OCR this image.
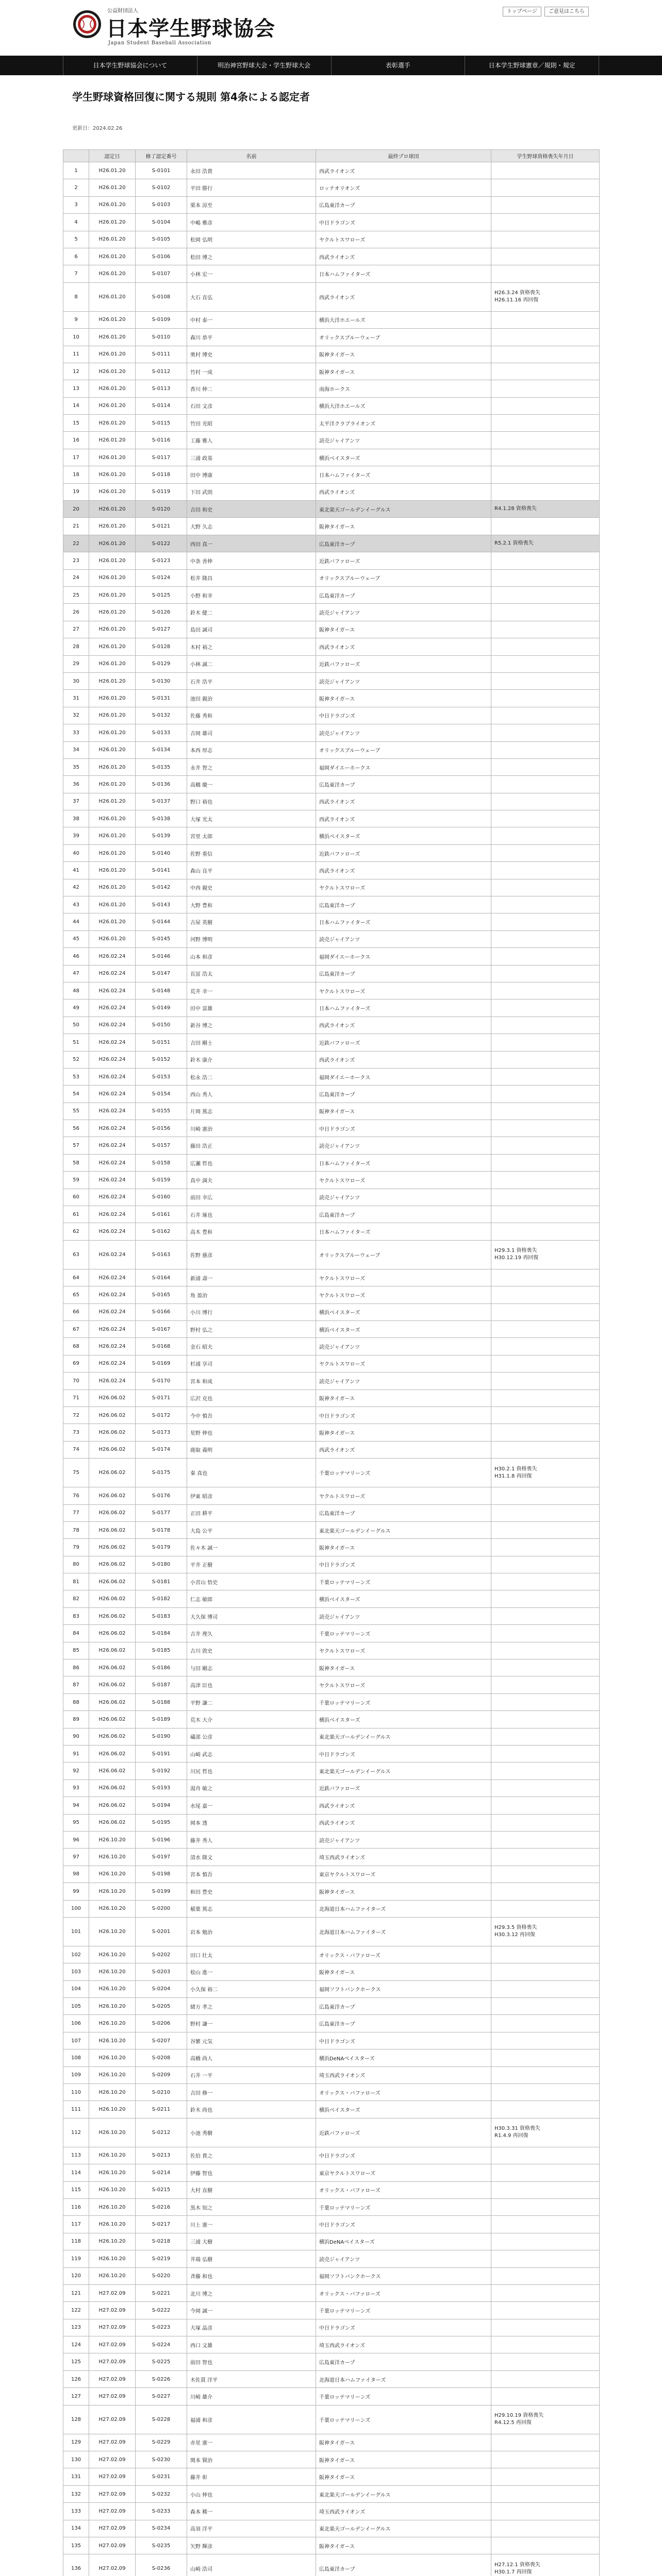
公益財団法人
日本学生野球協会
Japan Student Baseball Association
トップページ	ご意見はこちら
日本学生野球協会について	明治神宮野球大会・学生野球大会	表彰選手	日本学生野球憲章／規則・規定
学生野球資格回復に関する規則 第4条による認定者
更新日：2024.02.26
	認定日	修了認定番号	名前	最終プロ球団	学生野球資格喪失年月日
1	H26.01.20	S-0101	永田 浩貴	西武ライオンズ	
2	H26.01.20	S-0102	平田 勝行	ロッテオリオンズ	
3	H26.01.20	S-0103	栗本 涼至	広島東洋カープ	
4	H26.01.20	S-0104	中嶋 雅彦	中日ドラゴンズ	
5	H26.01.20	S-0105	松岡 弘明	ヤクルトスワローズ	
6	H26.01.20	S-0106	松田 博之	西武ライオンズ	
7	H26.01.20	S-0107	小林 宏一	日本ハムファイターズ	
8	H26.01.20	S-0108	大石 直弘	西武ライオンズ	H26.3.24 資格喪失
H26.11.16 再回復

9	H26.01.20	S-0109	中村 泰一	横浜大洋ホエールズ	
10	H26.01.20	S-0110	森川 恭平	オリックスブルーウェーブ	
11	H26.01.20	S-0111	奥村 博史	阪神タイガース	
12	H26.01.20	S-0112	竹村 一成	阪神タイガース	
13	H26.01.20	S-0113	香川 伸二	南海ホークス	
14	H26.01.20	S-0114	石田 文彦	横浜大洋ホエールズ	
15	H26.01.20	S-0115	竹田 光昭	太平洋クラブライオンズ	
16	H26.01.20	S-0116	工藤 雅人	読売ジャイアンツ	
17	H26.01.20	S-0117	三浦 政基	横浜ベイスターズ	
18	H26.01.20	S-0118	田中 博康	日本ハムファイターズ	
19	H26.01.20	S-0119	下田 武則	西武ライオンズ	
20	H26.01.20	S-0120	吉田 和史	東北楽天ゴールデンイーグルス	R4.1.28 資格喪失

21	H26.01.20	S-0121	大野 久志	阪神タイガース	
22	H26.01.20	S-0122	西田 真一	広島東洋カープ	R5.2.1 資格喪失

23	H26.01.20	S-0123	中条 善伸	近鉄バファローズ	
24	H26.01.20	S-0124	松井 隆昌	オリックスブルーウェーブ	
25	H26.01.20	S-0125	小野 和幸	広島東洋カープ	
26	H26.01.20	S-0126	鈴木 健二	読売ジャイアンツ	
27	H26.01.20	S-0127	島田 誠司	阪神タイガース	
28	H26.01.20	S-0128	木村 裕之	西武ライオンズ	
29	H26.01.20	S-0129	小林 誠二	近鉄バファローズ	
30	H26.01.20	S-0130	石井 浩平	読売ジャイアンツ	
31	H26.01.20	S-0131	池田 親治	阪神タイガース	
32	H26.01.20	S-0132	佐藤 秀和	中日ドラゴンズ	
33	H26.01.20	S-0133	吉岡 雄司	読売ジャイアンツ	
34	H26.01.20	S-0134	本西 厚志	オリックスブルーウェーブ	
35	H26.01.20	S-0135	永井 智之	福岡ダイエーホークス	
36	H26.01.20	S-0136	高橋 慶一	広島東洋カープ	
37	H26.01.20	S-0137	野口 裕也	西武ライオンズ	
38	H26.01.20	S-0138	大塚 光太	西武ライオンズ	
39	H26.01.20	S-0139	宮里 太郎	横浜ベイスターズ	
40	H26.01.20	S-0140	佐野 重信	近鉄バファローズ	
41	H26.01.20	S-0141	森山 良平	西武ライオンズ	
42	H26.01.20	S-0142	中西 親史	ヤクルトスワローズ	
43	H26.01.20	S-0143	大野 豊和	広島東洋カープ	
44	H26.01.20	S-0144	古屋 英樹	日本ハムファイターズ	
45	H26.01.20	S-0145	河野 博明	読売ジャイアンツ	
46	H26.02.24	S-0146	山本 和彦	福岡ダイエーホークス	
47	H26.02.24	S-0147	長冨 浩太	広島東洋カープ	
48	H26.02.24	S-0148	荒井 幸一	ヤクルトスワローズ	
49	H26.02.24	S-0149	田中 富雄	日本ハムファイターズ	
50	H26.02.24	S-0150	新谷 博之	西武ライオンズ	
51	H26.02.24	S-0151	吉田 剛士	近鉄バファローズ	
52	H26.02.24	S-0152	鈴木 康介	西武ライオンズ	
53	H26.02.24	S-0153	松永 浩二	福岡ダイエーホークス	
54	H26.02.24	S-0154	西山 秀人	広島東洋カープ	
55	H26.02.24	S-0155	片岡 篤志	阪神タイガース	
56	H26.02.24	S-0156	川崎 憲治	中日ドラゴンズ	
57	H26.02.24	S-0157	藤田 浩正	読売ジャイアンツ	
58	H26.02.24	S-0158	広瀬 哲也	日本ハムファイターズ	
59	H26.02.24	S-0159	真中 満夫	ヤクルトスワローズ	
60	H26.02.24	S-0160	前田 幸広	読売ジャイアンツ	
61	H26.02.24	S-0161	石井 琢也	広島東洋カープ	
62	H26.02.24	S-0162	高木 豊和	日本ハムファイターズ	
63	H26.02.24	S-0163	佐野 慈彦	オリックスブルーウェーブ	H29.3.1 資格喪失
H30.12.19 再回復

64	H26.02.24	S-0164	新浦 壽一	ヤクルトスワローズ	
65	H26.02.24	S-0165	角 盈治	ヤクルトスワローズ	
66	H26.02.24	S-0166	小川 博行	横浜ベイスターズ	
67	H26.02.24	S-0167	野村 弘之	横浜ベイスターズ	
68	H26.02.24	S-0168	金石 昭夫	読売ジャイアンツ	
69	H26.02.24	S-0169	杉浦 享司	ヤクルトスワローズ	
70	H26.02.24	S-0170	宮本 和成	読売ジャイアンツ	
71	H26.06.02	S-0171	広沢 克也	阪神タイガース	
72	H26.06.02	S-0172	今中 慎吾	中日ドラゴンズ	
73	H26.06.02	S-0173	星野 伸也	阪神タイガース	
74	H26.06.02	S-0174	鹿取 義明	西武ライオンズ	
75	H26.06.02	S-0175	秦 真也	千葉ロッテマリーンズ	H30.2.1 資格喪失
H31.1.8 再回復

76	H26.06.02	S-0176	伊東 昭彦	ヤクルトスワローズ	
77	H26.06.02	S-0177	正田 耕平	広島東洋カープ	
78	H26.06.02	S-0178	大島 公平	東北楽天ゴールデンイーグルス	
79	H26.06.02	S-0179	佐々木 誠一	阪神タイガース	
80	H26.06.02	S-0180	平井 正樹	中日ドラゴンズ	
81	H26.06.02	S-0181	小宮山 悟史	千葉ロッテマリーンズ	
82	H26.06.02	S-0182	仁志 敏郎	横浜ベイスターズ	
83	H26.06.02	S-0183	大久保 博司	読売ジャイアンツ	
84	H26.06.02	S-0184	吉井 理久	千葉ロッテマリーンズ	
85	H26.06.02	S-0185	古川 敦史	ヤクルトスワローズ	
86	H26.06.02	S-0186	与田 剛志	阪神タイガース	
87	H26.06.02	S-0187	高津 臣也	ヤクルトスワローズ	
88	H26.06.02	S-0188	平野 謙二	千葉ロッテマリーンズ	
89	H26.06.02	S-0189	荒木 大介	横浜ベイスターズ	
90	H26.06.02	S-0190	礒部 公彦	東北楽天ゴールデンイーグルス	
91	H26.06.02	S-0191	山崎 武志	中日ドラゴンズ	
92	H26.06.02	S-0192	川尻 哲也	東北楽天ゴールデンイーグルス	
93	H26.06.02	S-0193	湯舟 敏之	近鉄バファローズ	
94	H26.06.02	S-0194	水尾 嘉一	西武ライオンズ	
95	H26.06.02	S-0195	岡本 透	西武ライオンズ	
96	H26.10.20	S-0196	藤井 秀人	読売ジャイアンツ	
97	H26.10.20	S-0197	清水 隆文	埼玉西武ライオンズ	
98	H26.10.20	S-0198	宮本 慎吾	東京ヤクルトスワローズ	
99	H26.10.20	S-0199	和田 豊史	阪神タイガース	
100	H26.10.20	S-0200	稲葉 篤志	北海道日本ハムファイターズ	
101	H26.10.20	S-0201	岩本 勉治	北海道日本ハムファイターズ	H29.3.5 資格喪失
H30.3.12 再回復

102	H26.10.20	S-0202	田口 壮太	オリックス・バファローズ	
103	H26.10.20	S-0203	桧山 進一	阪神タイガース	
104	H26.10.20	S-0204	小久保 裕二	福岡ソフトバンクホークス	
105	H26.10.20	S-0205	緒方 孝之	広島東洋カープ	
106	H26.10.20	S-0206	野村 謙一	広島東洋カープ	
107	H26.10.20	S-0207	谷繁 元気	中日ドラゴンズ	
108	H26.10.20	S-0208	高橋 尚人	横浜DeNAベイスターズ	
109	H26.10.20	S-0209	石井 一平	埼玉西武ライオンズ	
110	H26.10.20	S-0210	吉田 修一	オリックス・バファローズ	
111	H26.10.20	S-0211	鈴木 尚也	横浜ベイスターズ	
112	H26.10.20	S-0212	小池 秀樹	近鉄バファローズ	H30.3.31 資格喪失
R1.4.9 再回復

113	H26.10.20	S-0213	佐伯 貴之	中日ドラゴンズ	
114	H26.10.20	S-0214	伊藤 智也	東京ヤクルトスワローズ	
115	H26.10.20	S-0215	大村 直樹	オリックス・バファローズ	
116	H26.10.20	S-0216	黒木 知之	千葉ロッテマリーンズ	
117	H26.10.20	S-0217	川上 憲一	中日ドラゴンズ	
118	H26.10.20	S-0218	三浦 大樹	横浜DeNAベイスターズ	
119	H26.10.20	S-0219	井端 弘樹	読売ジャイアンツ	
120	H26.10.20	S-0220	斉藤 和也	福岡ソフトバンクホークス	
121	H27.02.09	S-0221	北川 博之	オリックス・バファローズ	
122	H27.02.09	S-0222	今岡 誠一	千葉ロッテマリーンズ	
123	H27.02.09	S-0223	大塚 晶彦	中日ドラゴンズ	
124	H27.02.09	S-0224	西口 文雄	埼玉西武ライオンズ	
125	H27.02.09	S-0225	前田 智也	広島東洋カープ	
126	H27.02.09	S-0226	木佐貫 洋平	北海道日本ハムファイターズ	
127	H27.02.09	S-0227	川崎 雄介	千葉ロッテマリーンズ	
128	H27.02.09	S-0228	福浦 和彦	千葉ロッテマリーンズ	H29.10.19 資格喪失
R4.12.5 再回復

129	H27.02.09	S-0229	赤星 憲一	阪神タイガース	
130	H27.02.09	S-0230	関本 賢治	阪神タイガース	
131	H27.02.09	S-0231	藤井 彰	阪神タイガース	
132	H27.02.09	S-0232	小山 伸也	東北楽天ゴールデンイーグルス	
133	H27.02.09	S-0233	森本 稀一	埼玉西武ライオンズ	
134	H27.02.09	S-0234	高須 洋平	東北楽天ゴールデンイーグルス	
135	H27.02.09	S-0235	矢野 輝彦	阪神タイガース	
136	H27.02.09	S-0236	山崎 浩司	広島東洋カープ	H27.12.1 資格喪失
H30.1.7 再回復
